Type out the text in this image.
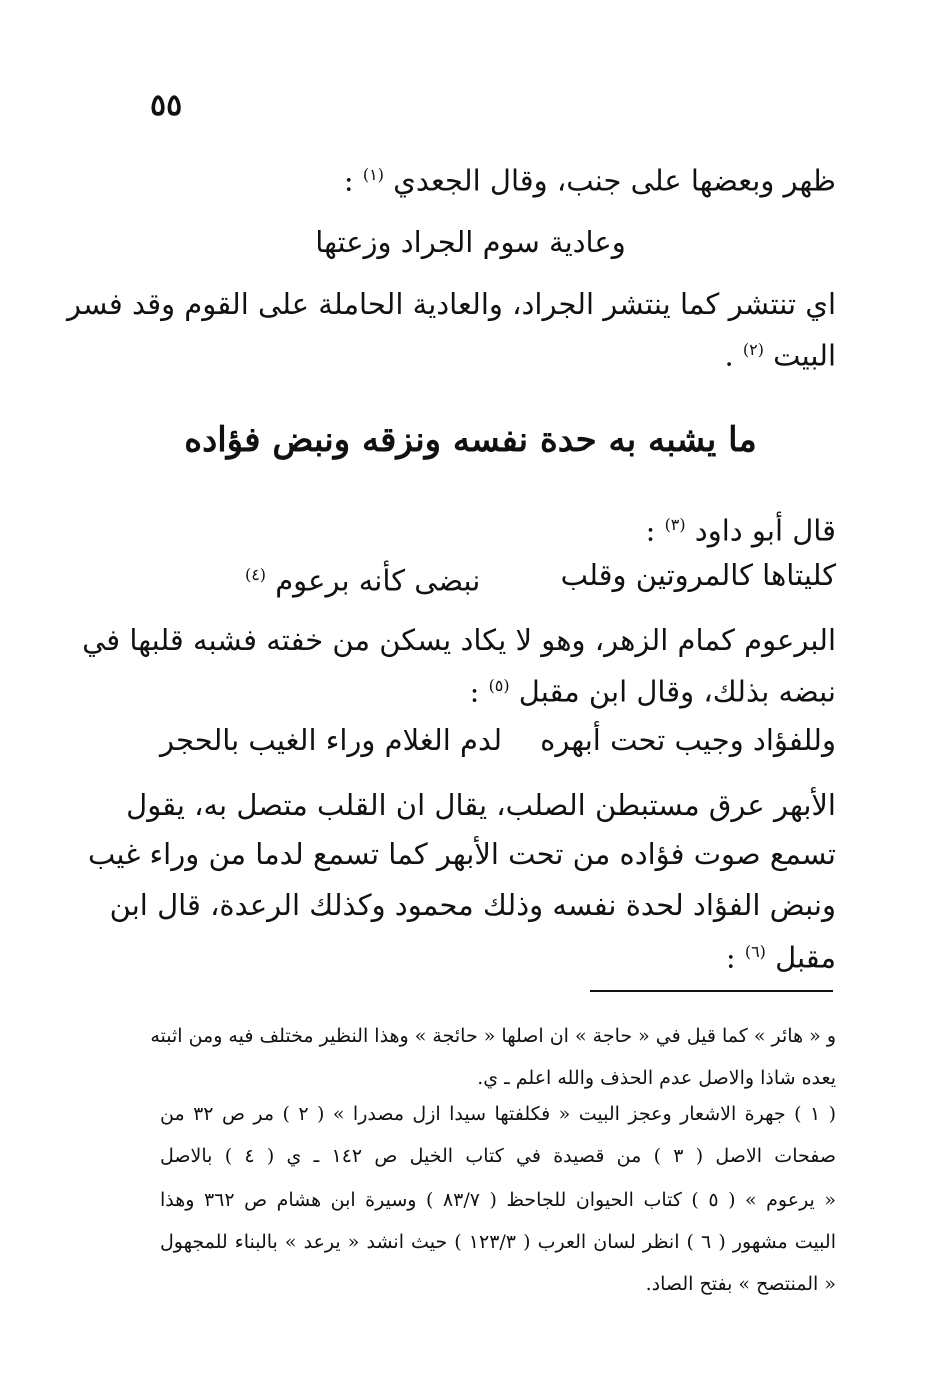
٥٥
ظهر وبعضها على جنب، وقال الجعدي $^{(١)}$ :
وعادية سوم الجراد وزعتها
اي تنتشر كما ينتشر الجراد، والعادية الحاملة على القوم وقد فسر
البيت $^{(٢)}$ .
ما يشبه به حدة نفسه ونزقه ونبض فؤاده
قال أبو داود $^{(٣)}$ :
كليتاها كالمروتين وقلب
نبضى كأنه برعوم $^{(٤)}$
البرعوم كمام الزهر، وهو لا يكاد يسكن من خفته فشبه قلبها في
نبضه بذلك، وقال ابن مقبل $^{(٥)}$ :
وللفؤاد وجيب تحت أبهره
لدم الغلام وراء الغيب بالحجر
الأبهر عرق مستبطن الصلب، يقال ان القلب متصل به، يقول
تسمع صوت فؤاده من تحت الأبهر كما تسمع لدما من وراء غيب
ونبض الفؤاد لحدة نفسه وذلك محمود وكذلك الرعدة، قال ابن
مقبل $^{(٦)}$ :
و « هائر » كما قيل في « حاجة » ان اصلها « حائجة » وهذا النظير مختلف فيه ومن اثبته
يعده شاذا والاصل عدم الحذف والله اعلم ـ ي.
( ١ ) جهرة الاشعار وعجز البيت « فكلفتها سيدا ازل مصدرا » ( ٢ ) مر ص ٣٢ من
صفحات الاصل ( ٣ ) من قصيدة في كتاب الخيل ص ١٤٢ ـ ي ( ٤ ) بالاصل
« يرعوم » ( ٥ ) كتاب الحيوان للجاحظ ( ٨٣/٧ ) وسيرة ابن هشام ص ٣٦٢ وهذا
البيت مشهور ( ٦ ) انظر لسان العرب ( ١٢٣/٣ ) حيث انشد « يرعد » بالبناء للمجهول
« المنتصح » بفتح الصاد.
